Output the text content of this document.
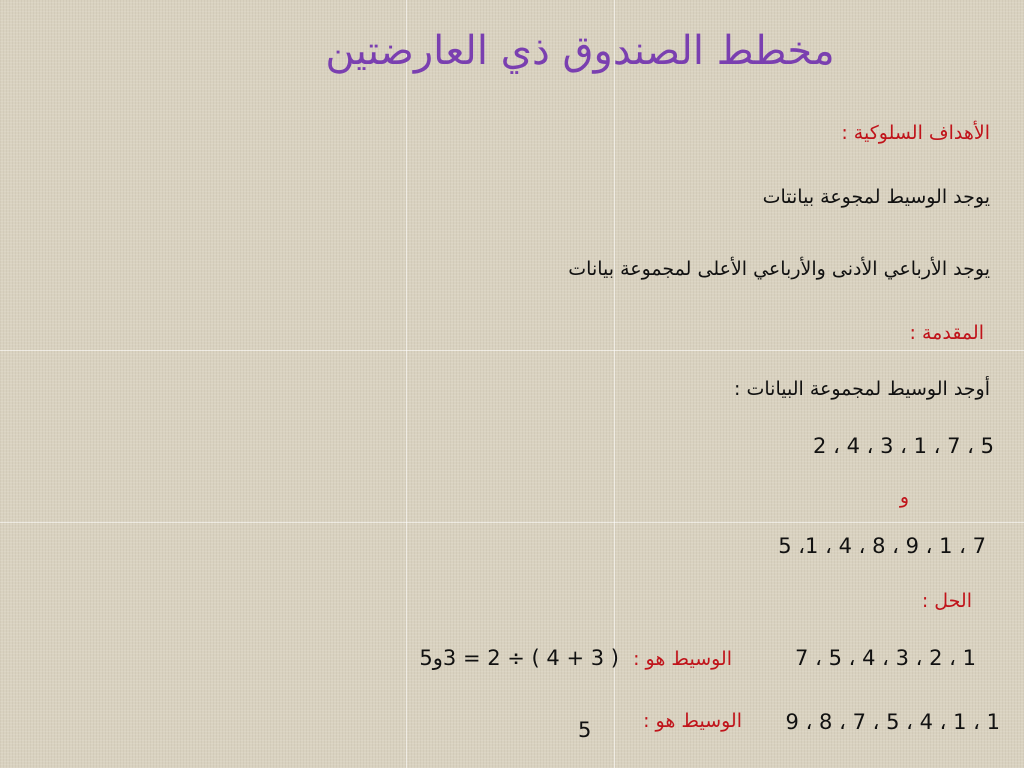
مخطط الصندوق ذي العارضتين
الأهداف السلوكية :
يوجد الوسيط لمجوعة بيانتات
يوجد الأرباعي الأدنى والأرباعي الأعلى لمجموعة بيانات
المقدمة :
أوجد الوسيط لمجموعة البيانات :
5 ، 7 ، 1 ، 3 ، 4 ، 2
و
7 ، 1 ، 9 ، 8 ، 4 ، 1، 5
الحل :
1 ، 2 ، 3 ، 4 ، 5 ، 7
الوسيط هو :
( 3 + 4 ) ÷ 2 = 3و5
1 ، 1 ، 4 ، 5 ، 7 ، 8 ، 9
الوسيط هو :
5
